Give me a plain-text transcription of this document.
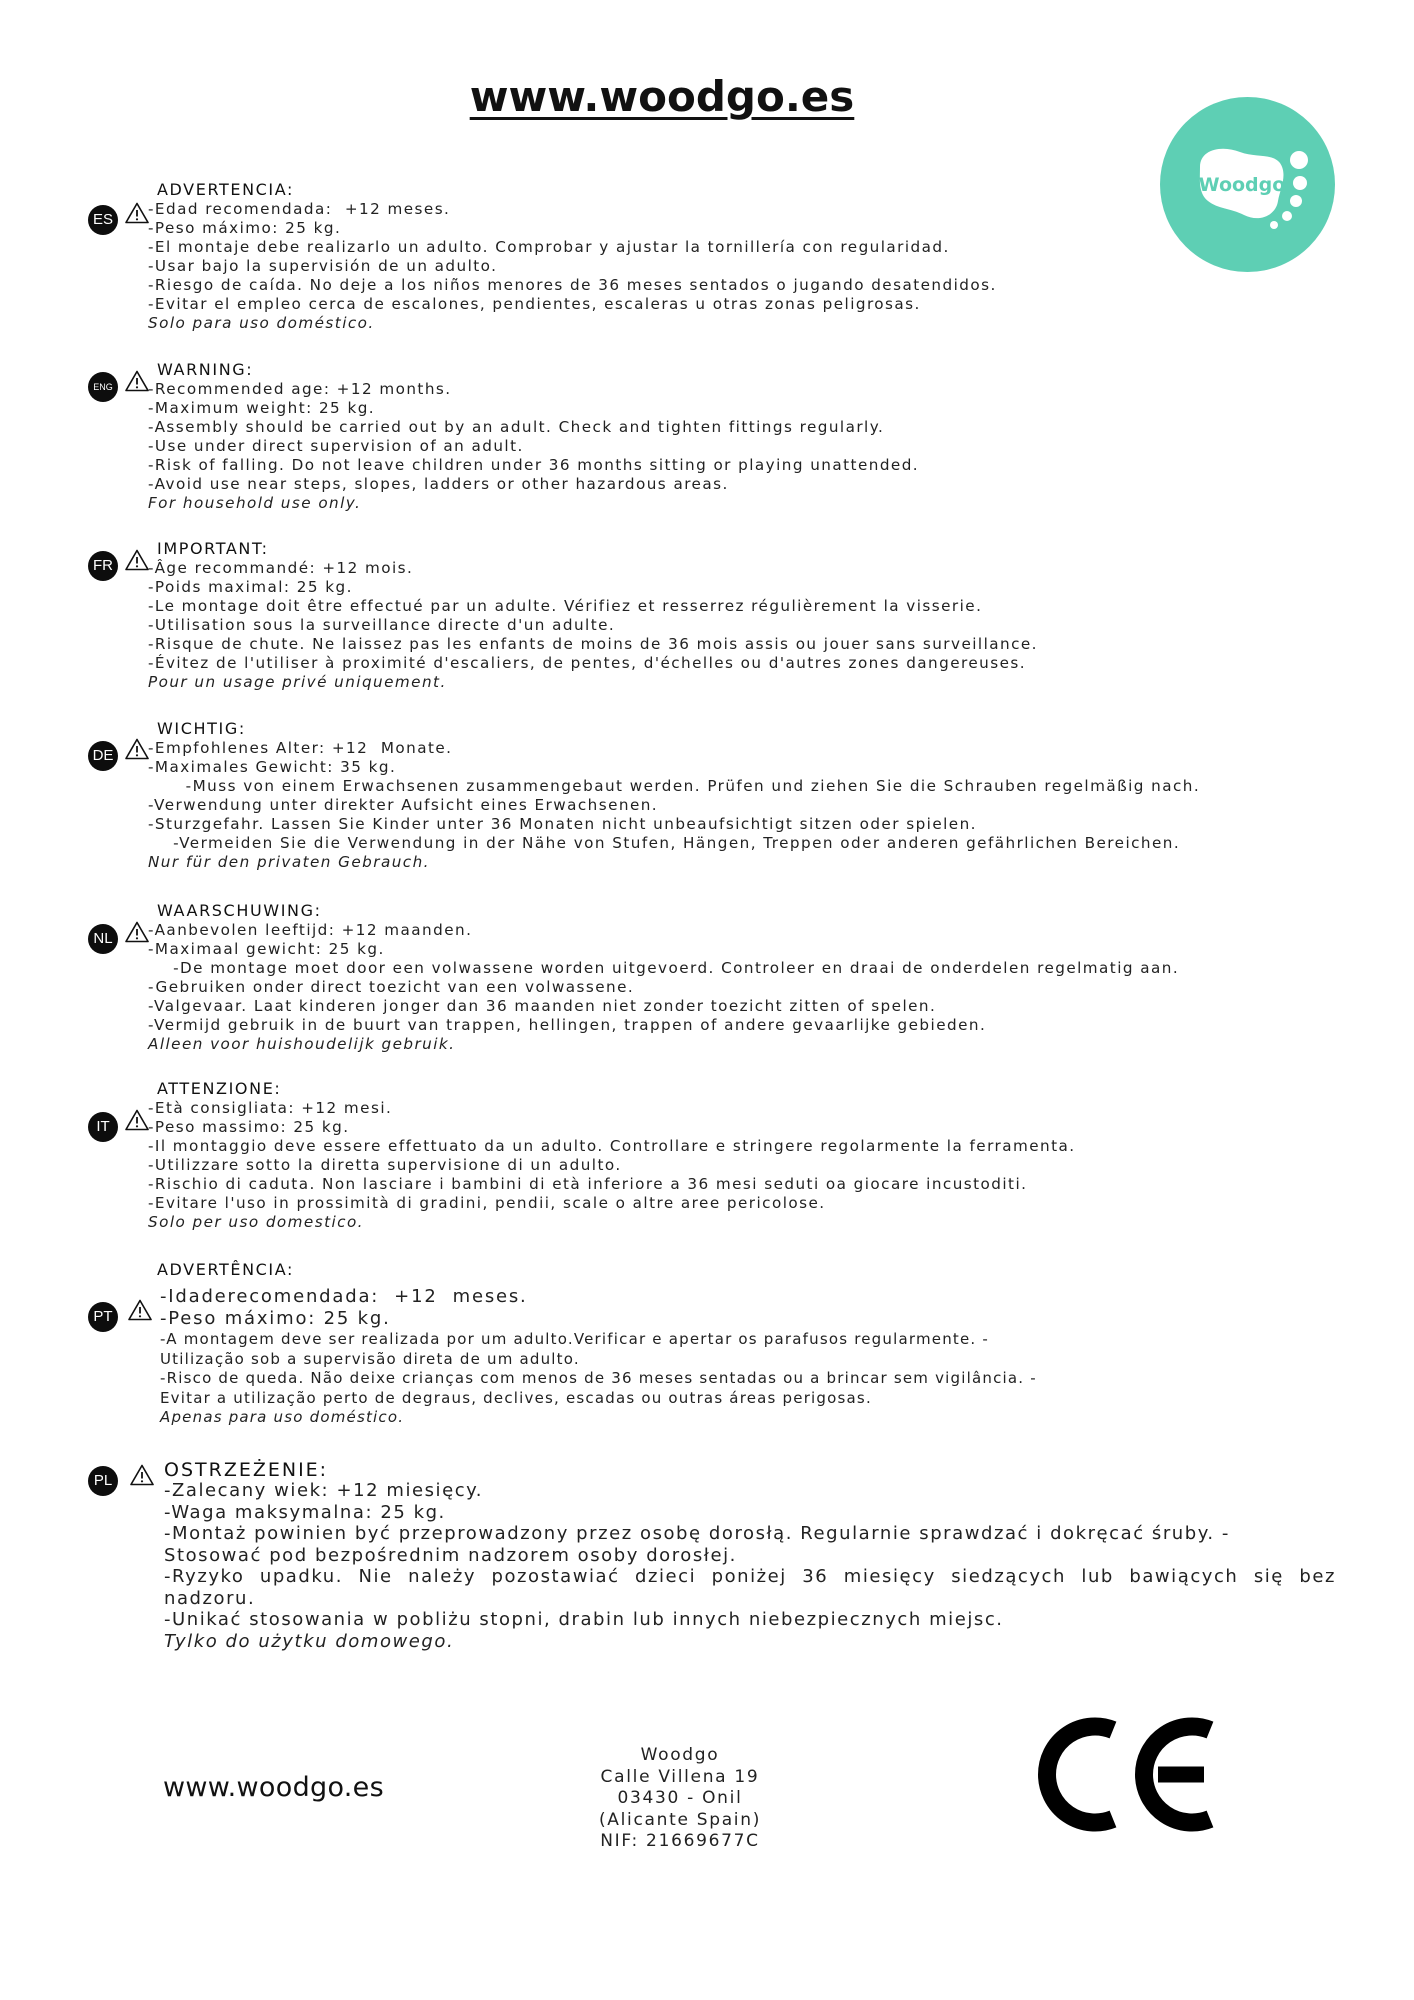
www.woodgo.es
Woodgo
ADVERTENCIA:
ES
-Edad recomendada:  +12 meses.
-Peso máximo: 25 kg.
-El montaje debe realizarlo un adulto. Comprobar y ajustar la tornillería con regularidad.
-Usar bajo la supervisión de un adulto.
-Riesgo de caída. No deje a los niños menores de 36 meses sentados o jugando desatendidos.
-Evitar el empleo cerca de escalones, pendientes, escaleras u otras zonas peligrosas.
Solo para uso doméstico.
WARNING:
ENG	-Recommended age: +12 months.
-Maximum weight: 25 kg.
-Assembly should be carried out by an adult. Check and tighten fittings regularly.
-Use under direct supervision of an adult.
-Risk of falling. Do not leave children under 36 months sitting or playing unattended.
-Avoid use near steps, slopes, ladders or other hazardous areas.
For household use only.
IMPORTANT:
FR	-Âge recommandé: +12 mois.
-Poids maximal: 25 kg.
-Le montage doit être effectué par un adulte. Vérifiez et resserrez régulièrement la visserie.
-Utilisation sous la surveillance directe d'un adulte.
-Risque de chute. Ne laissez pas les enfants de moins de 36 mois assis ou jouer sans surveillance.
-Évitez de l'utiliser à proximité d'escaliers, de pentes, d'échelles ou d'autres zones dangereuses.
Pour un usage privé uniquement.
WICHTIG:
DE	-Empfohlenes Alter: +12  Monate.
-Maximales Gewicht: 35 kg.
-Muss von einem Erwachsenen zusammengebaut werden. Prüfen und ziehen Sie die Schrauben regelmäßig nach.
-Verwendung unter direkter Aufsicht eines Erwachsenen.
-Sturzgefahr. Lassen Sie Kinder unter 36 Monaten nicht unbeaufsichtigt sitzen oder spielen.
-Vermeiden Sie die Verwendung in der Nähe von Stufen, Hängen, Treppen oder anderen gefährlichen Bereichen.
Nur für den privaten Gebrauch.
WAARSCHUWING:
NL	-Aanbevolen leeftijd: +12 maanden.
-Maximaal gewicht: 25 kg.
-De montage moet door een volwassene worden uitgevoerd. Controleer en draai de onderdelen regelmatig aan.
-Gebruiken onder direct toezicht van een volwassene.
-Valgevaar. Laat kinderen jonger dan 36 maanden niet zonder toezicht zitten of spelen.
-Vermijd gebruik in de buurt van trappen, hellingen, trappen of andere gevaarlijke gebieden.
Alleen voor huishoudelijk gebruik.
ATTENZIONE:
IT
-Età consigliata: +12 mesi.
-Peso massimo: 25 kg.
-Il montaggio deve essere effettuato da un adulto. Controllare e stringere regolarmente la ferramenta.
-Utilizzare sotto la diretta supervisione di un adulto.
-Rischio di caduta. Non lasciare i bambini di età inferiore a 36 mesi seduti oa giocare incustoditi.
-Evitare l'uso in prossimità di gradini, pendii, scale o altre aree pericolose.
Solo per uso domestico.
ADVERTÊNCIA:
PT
-Idaderecomendada:  +12  meses.
-Peso máximo: 25 kg.
-A montagem deve ser realizada por um adulto.Verificar e apertar os parafusos regularmente. -
Utilização sob a supervisão direta de um adulto.
-Risco de queda. Não deixe crianças com menos de 36 meses sentadas ou a brincar sem vigilância. -
Evitar a utilização perto de degraus, declives, escadas ou outras áreas perigosas.
Apenas para uso doméstico.
OSTRZEŻENIE:
PL	-Zalecany wiek: +12 miesięcy.
-Waga maksymalna: 25 kg.
-Montaż powinien być przeprowadzony przez osobę dorosłą. Regularnie sprawdzać i dokręcać śruby. -
Stosować pod bezpośrednim nadzorem osoby dorosłej.
-Ryzyko upadku. Nie należy pozostawiać dzieci poniżej 36 miesięcy siedzących lub bawiących się bez
nadzoru.
-Unikać stosowania w pobliżu stopni, drabin lub innych niebezpiecznych miejsc.
Tylko do użytku domowego.
www.woodgo.es
Woodgo
Calle Villena 19
03430 - Onil
(Alicante Spain)
NIF: 21669677C
